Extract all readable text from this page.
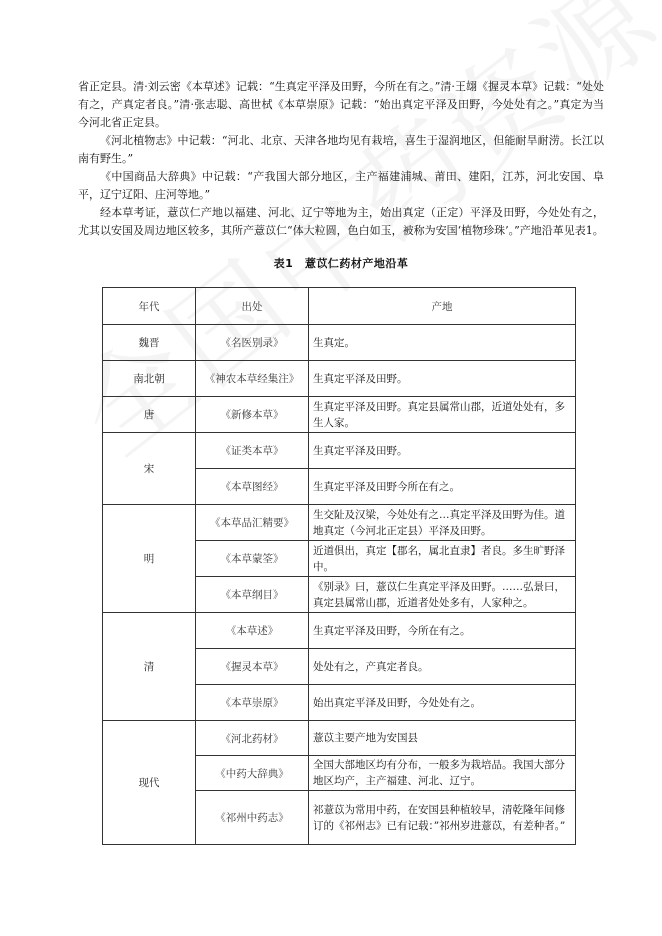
省正定县。清·刘云密《本草述》记载：“生真定平泽及田野，今所在有之。”清·王翃《握灵本草》记载：“处处有之，产真定者良。”清·张志聪、高世栻《本草崇原》记载：“始出真定平泽及田野，今处处有之。”真定为当今河北省正定县。

《河北植物志》中记载：“河北、北京、天津各地均见有栽培，喜生于湿润地区，但能耐旱耐涝。长江以南有野生。”

《中国商品大辞典》中记载：“产我国大部分地区，主产福建浦城、莆田、建阳，江苏，河北安国、阜平，辽宁辽阳、庄河等地。”

经本草考证，薏苡仁产地以福建、河北、辽宁等地为主，始出真定（正定）平泽及田野，今处处有之，尤其以安国及周边地区较多，其所产薏苡仁“体大粒圆，色白如玉，被称为安国‘植物珍珠’。”产地沿革见表1。

表1　薏苡仁药材产地沿革
年代	出处	产地
魏晋	《名医别录》	生真定。
南北朝	《神农本草经集注》	生真定平泽及田野。
唐	《新修本草》	生真定平泽及田野。真定县属常山郡，近道处处有，多生人家。
宋	《证类本草》	生真定平泽及田野。
	《本草图经》	生真定平泽及田野今所在有之。
明	《本草品汇精要》	生交阯及汉梁，今处处有之…真定平泽及田野为佳。道地真定（今河北正定县）平泽及田野。
	《本草蒙筌》	近道俱出，真定【郡名，属北直隶】者良。多生旷野泽中。
	《本草纲目》	《别录》曰，薏苡仁生真定平泽及田野。……弘景曰，真定县属常山郡，近道者处处多有，人家种之。
清	《本草述》	生真定平泽及田野，今所在有之。
	《握灵本草》	处处有之，产真定者良。
	《本草崇原》	始出真定平泽及田野，今处处有之。
现代	《河北药材》	薏苡主要产地为安国县
	《中药大辞典》	全国大部地区均有分布，一般多为栽培品。我国大部分地区均产，主产福建、河北、辽宁。
	《祁州中药志》	祁薏苡为常用中药，在安国县种植较早，清乾隆年间修订的《祁州志》已有记载：”祁州岁进薏苡，有差种者。”
